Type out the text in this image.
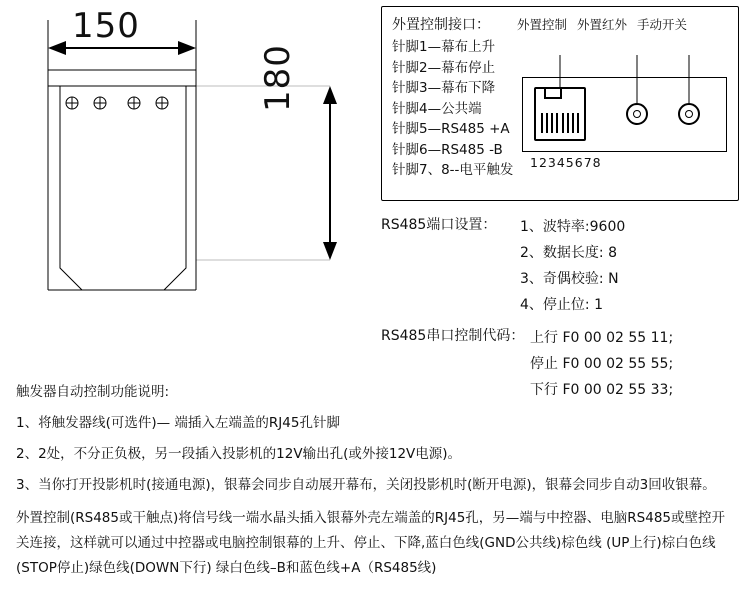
150
180
外置控制接口：
针脚1—幕布上升
针脚2—幕布停止
针脚3—幕布下降
针脚4—公共端
针脚5—RS485 +A
针脚6—RS485 -B
针脚7、8--电平触发
外置控制 外置红外 手动开关
12345678
RS485端口设置： 1、波特率:9600
2、数据长度: 8
3、奇偶校验: N
4、停止位: 1
RS485串口控制代码： 上行 F0 00 02 55 11;
停止 F0 00 02 55 55;
下行 F0 00 02 55 33;

触发器自动控制功能说明:

1、将触发器线(可选件)— 端插入左端盖的RJ45孔针脚

2、2处，不分正负极，另一段插入投影机的12V输出孔(或外接12V电源)。

3、当你打开投影机时(接通电源)，银幕会同步自动展开幕布，关闭投影机时(断开电源)，银幕会同步自动3回收银幕。

外置控制(RS485或干触点)将信号线一端水晶头插入银幕外壳左端盖的RJ45孔，另—端与中控器、电脑RS485或壁控开关连接，这样就可以通过中控器或电脑控制银幕的上升、停止、下降,蓝白色线(GND公共线)棕色线 (UP上行)棕白色线(STOP停止)绿色线(DOWN下行) 绿白色线–B和蓝色线+A（RS485线)
